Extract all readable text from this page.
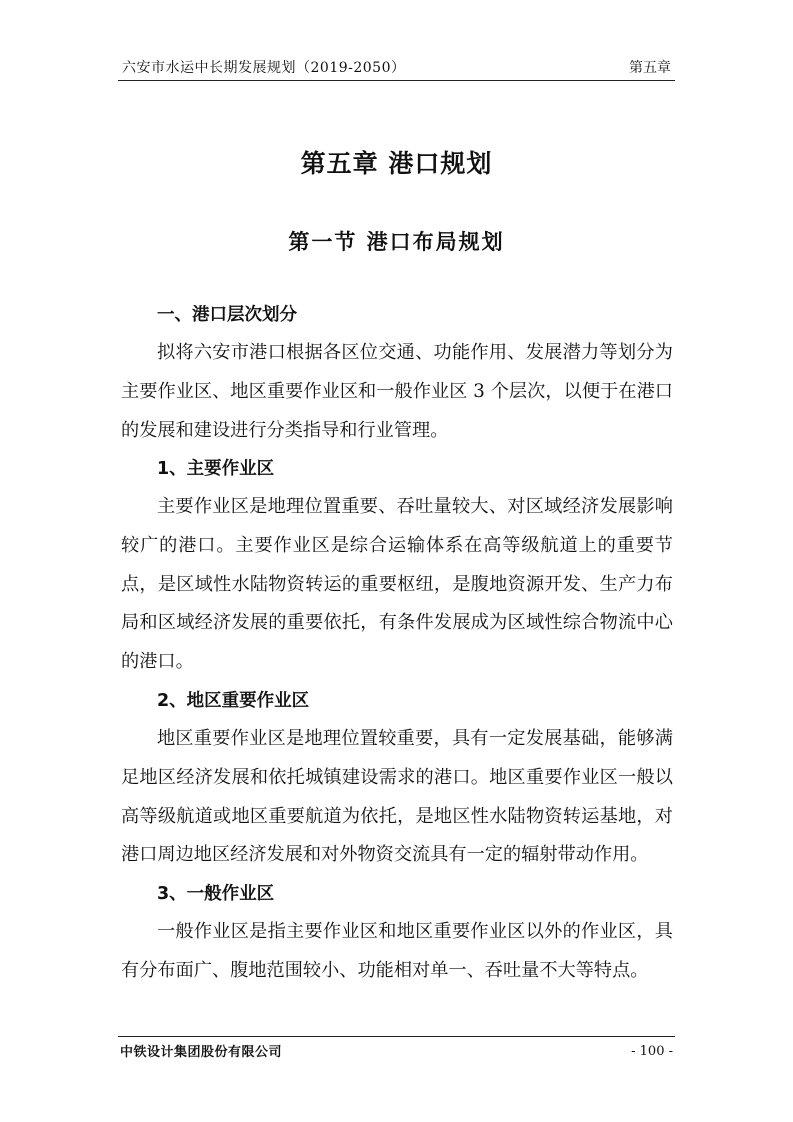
六安市水运中长期发展规划（2019-2050）	第五章
第五章 港口规划
第一节 港口布局规划
一、港口层次划分
拟将六安市港口根据各区位交通、功能作用、发展潜力等划分为主要作业区、地区重要作业区和一般作业区 3 个层次，以便于在港口的发展和建设进行分类指导和行业管理。
1、主要作业区
主要作业区是地理位置重要、吞吐量较大、对区域经济发展影响较广的港口。主要作业区是综合运输体系在高等级航道上的重要节点，是区域性水陆物资转运的重要枢纽，是腹地资源开发、生产力布局和区域经济发展的重要依托，有条件发展成为区域性综合物流中心的港口。
2、地区重要作业区
地区重要作业区是地理位置较重要，具有一定发展基础，能够满足地区经济发展和依托城镇建设需求的港口。地区重要作业区一般以高等级航道或地区重要航道为依托，是地区性水陆物资转运基地，对港口周边地区经济发展和对外物资交流具有一定的辐射带动作用。
3、一般作业区
一般作业区是指主要作业区和地区重要作业区以外的作业区，具有分布面广、腹地范围较小、功能相对单一、吞吐量不大等特点。
中铁设计集团股份有限公司	- 100 -
